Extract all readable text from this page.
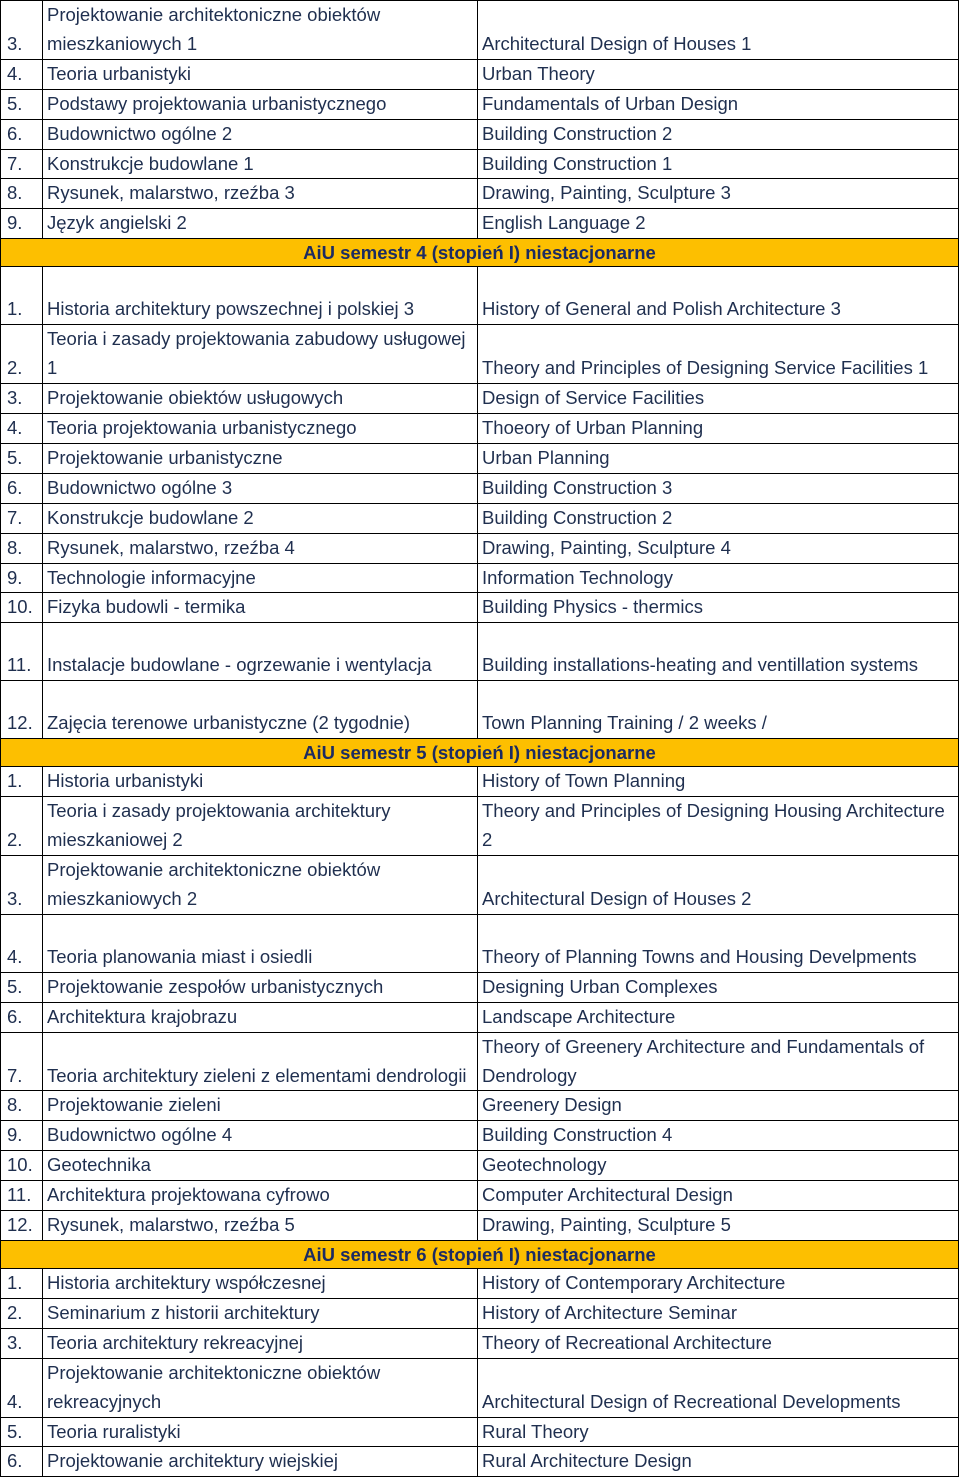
3.	Projektowanie architektoniczne obiektów mieszkaniowych 1	Architectural Design of Houses 1
4.	Teoria urbanistyki	Urban Theory
5.	Podstawy projektowania urbanistycznego	Fundamentals of Urban Design
6.	Budownictwo ogólne 2	Building Construction 2
7.	Konstrukcje budowlane 1	Building Construction 1
8.	Rysunek, malarstwo, rzeźba 3	Drawing, Painting, Sculpture 3
9.	Język angielski 2	English Language 2
AiU semestr 4 (stopień I) niestacjonarne		
1.	Historia architektury powszechnej i polskiej 3	History of General and Polish Architecture 3
2.	Teoria i zasady projektowania zabudowy usługowej 1	Theory and Principles of Designing Service Facilities 1
3.	Projektowanie obiektów usługowych	Design of Service Facilities
4.	Teoria projektowania urbanistycznego	Thoeory of Urban Planning
5.	Projektowanie urbanistyczne	Urban Planning
6.	Budownictwo ogólne 3	Building Construction 3
7.	Konstrukcje budowlane 2	Building Construction 2
8.	Rysunek, malarstwo, rzeźba 4	Drawing, Painting, Sculpture 4
9.	Technologie informacyjne	Information Technology
10.	Fizyka budowli - termika	Building Physics - thermics
11.	Instalacje budowlane - ogrzewanie i wentylacja	Building installations-heating and ventillation systems
12.	Zajęcia terenowe urbanistyczne (2 tygodnie)	Town Planning Training / 2 weeks /
AiU semestr 5 (stopień I) niestacjonarne		
1.	Historia urbanistyki	History of Town Planning
2.	Teoria i zasady projektowania architektury mieszkaniowej 2	Theory and Principles of Designing Housing Architecture 2
3.	Projektowanie architektoniczne obiektów mieszkaniowych 2	Architectural Design of Houses 2
4.	Teoria planowania miast i osiedli	Theory of Planning Towns and Housing Develpments
5.	Projektowanie zespołów urbanistycznych	Designing Urban Complexes
6.	Architektura krajobrazu	Landscape Architecture
7.	Teoria architektury zieleni z elementami dendrologii	Theory of Greenery Architecture and Fundamentals of Dendrology
8.	Projektowanie zieleni	Greenery Design
9.	Budownictwo ogólne 4	Building Construction 4
10.	Geotechnika	Geotechnology
11.	Architektura projektowana cyfrowo	Computer Architectural Design
12.	Rysunek, malarstwo, rzeźba 5	Drawing, Painting, Sculpture 5
AiU semestr 6 (stopień I) niestacjonarne		
1.	Historia architektury współczesnej	History of Contemporary Architecture
2.	Seminarium z historii architektury	History of Architecture Seminar
3.	Teoria architektury rekreacyjnej	Theory of Recreational Architecture
4.	Projektowanie architektoniczne obiektów rekreacyjnych	Architectural Design of Recreational Developments
5.	Teoria ruralistyki	Rural Theory
6.	Projektowanie architektury wiejskiej	Rural Architecture Design
